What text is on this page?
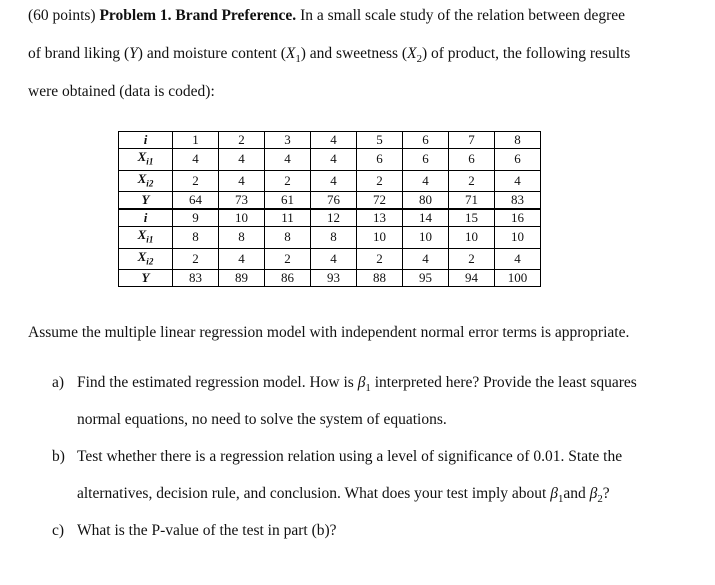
(60 points) Problem 1. Brand Preference. In a small scale study of the relation between degree
of brand liking (Y) and moisture content $(X_1)$ and sweetness $(X_2)$ of product, the following results
were obtained (data is coded):
i	1	2	3	4	5	6	7	8
$X_{i1}$	4	4	4	4	6	6	6	6
$X_{i2}$	2	4	2	4	2	4	2	4
Y	64	73	61	76	72	80	71	83
i	9	10	11	12	13	14	15	16
$X_{i1}$	8	8	8	8	10	10	10	10
$X_{i2}$	2	4	2	4	2	4	2	4
Y	83	89	86	93	88	95	94	100
Assume the multiple linear regression model with independent normal error terms is appropriate.
a) Find the estimated regression model. How is $\beta_1$ interpreted here? Provide the least squares
normal equations, no need to solve the system of equations.
b) Test whether there is a regression relation using a level of significance of 0.01. State the
alternatives, decision rule, and conclusion. What does your test imply about $\beta_1and$ $\beta_2$?
c) What is the P-value of the test in part (b)?
